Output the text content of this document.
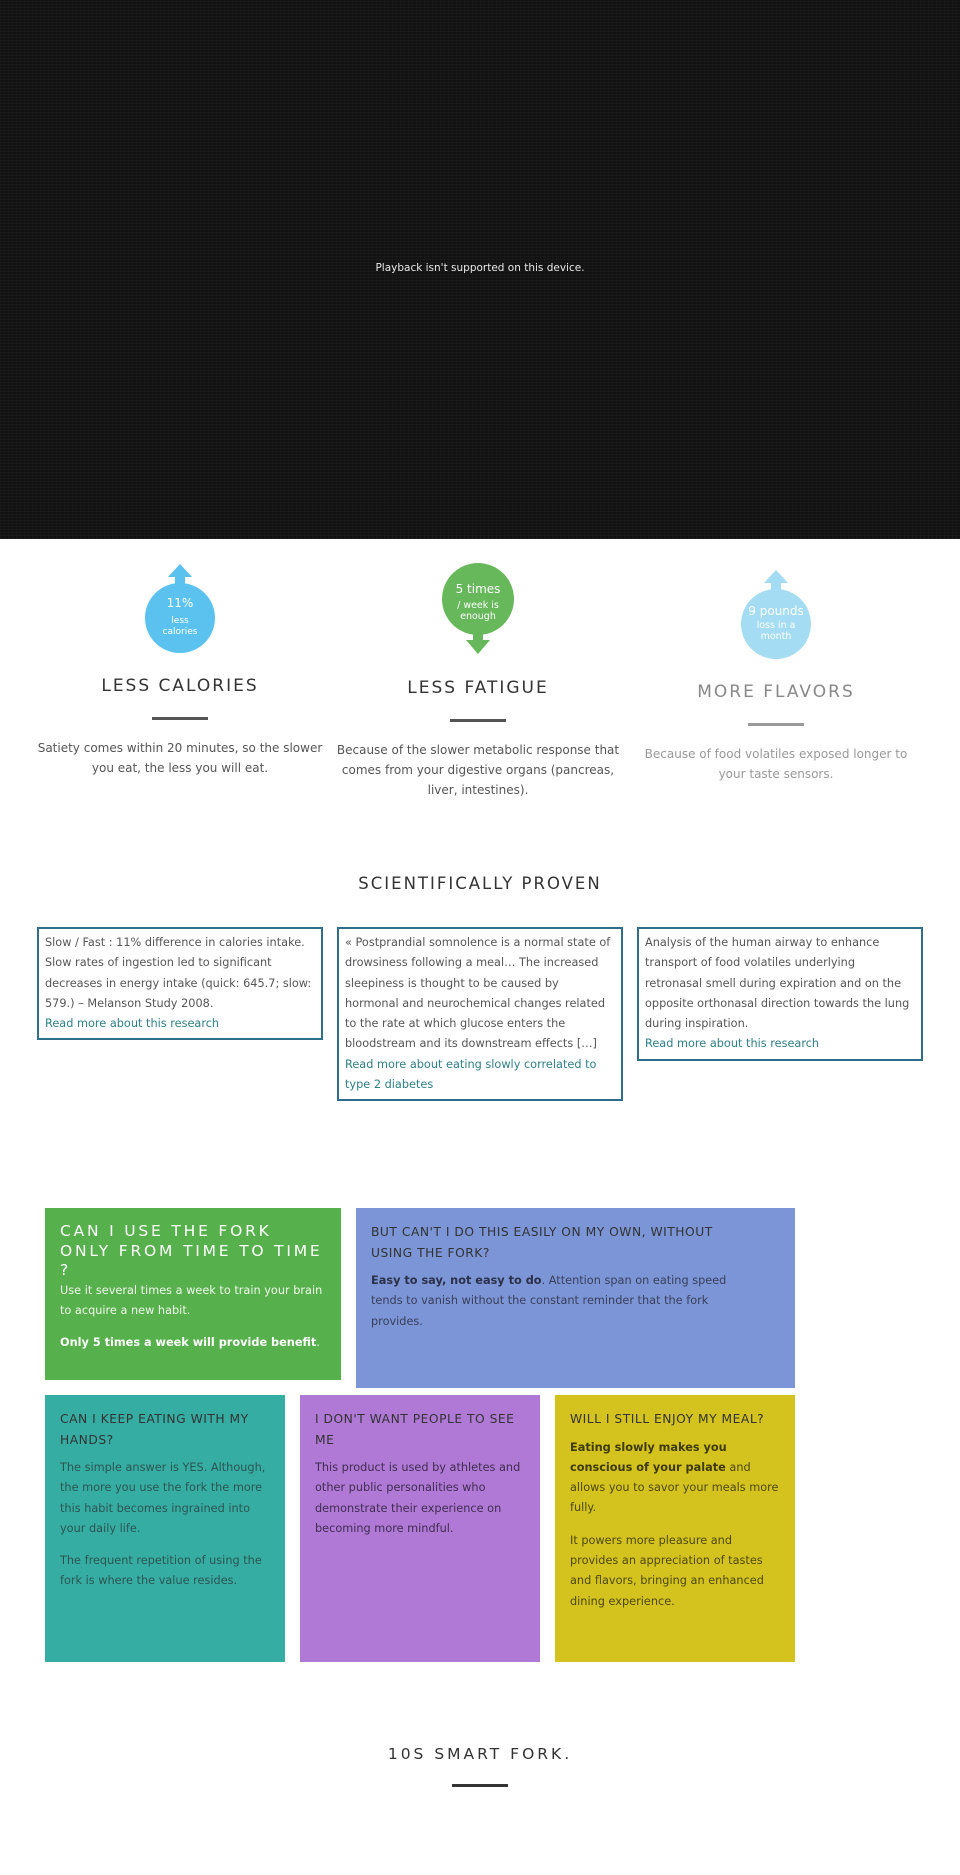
Playback isn't supported on this device.
11%
less
calories
LESS CALORIES
Satiety comes within 20 minutes, so the slower you eat, the less you will eat.
5 times
/ week is
enough
LESS FATIGUE
Because of the slower metabolic response that comes from your digestive organs (pancreas, liver, intestines).
9 pounds
loss in a
month
MORE FLAVORS
Because of food volatiles exposed longer to your taste sensors.
SCIENTIFICALLY PROVEN
Slow / Fast : 11% difference in calories intake. Slow rates of ingestion led to significant decreases in energy intake (quick: 645.7; slow: 579.) – Melanson Study 2008.
Read more about this research
« Postprandial somnolence is a normal state of drowsiness following a meal… The increased sleepiness is thought to be caused by hormonal and neurochemical changes related to the rate at which glucose enters the bloodstream and its downstream effects […]
Read more about eating slowly correlated to type 2 diabetes
Analysis of the human airway to enhance transport of food volatiles underlying retronasal smell during expiration and on the opposite orthonasal direction towards the lung during inspiration.
Read more about this research
CAN I USE THE FORK ONLY FROM TIME TO TIME ?

Use it several times a week to train your brain to acquire a new habit.

Only 5 times a week will provide benefit.

BUT CAN'T I DO THIS EASILY ON MY OWN, WITHOUT USING THE FORK?

Easy to say, not easy to do. Attention span on eating speed tends to vanish without the constant reminder that the fork provides.

CAN I KEEP EATING WITH MY HANDS?

The simple answer is YES. Although, the more you use the fork the more this habit becomes ingrained into your daily life.

The frequent repetition of using the fork is where the value resides.

I DON'T WANT PEOPLE TO SEE ME

This product is used by athletes and other public personalities who demonstrate their experience on becoming more mindful.

WILL I STILL ENJOY MY MEAL?

Eating slowly makes you conscious of your palate and allows you to savor your meals more fully.

It powers more pleasure and provides an appreciation of tastes and flavors, bringing an enhanced dining experience.

10S SMART FORK.
